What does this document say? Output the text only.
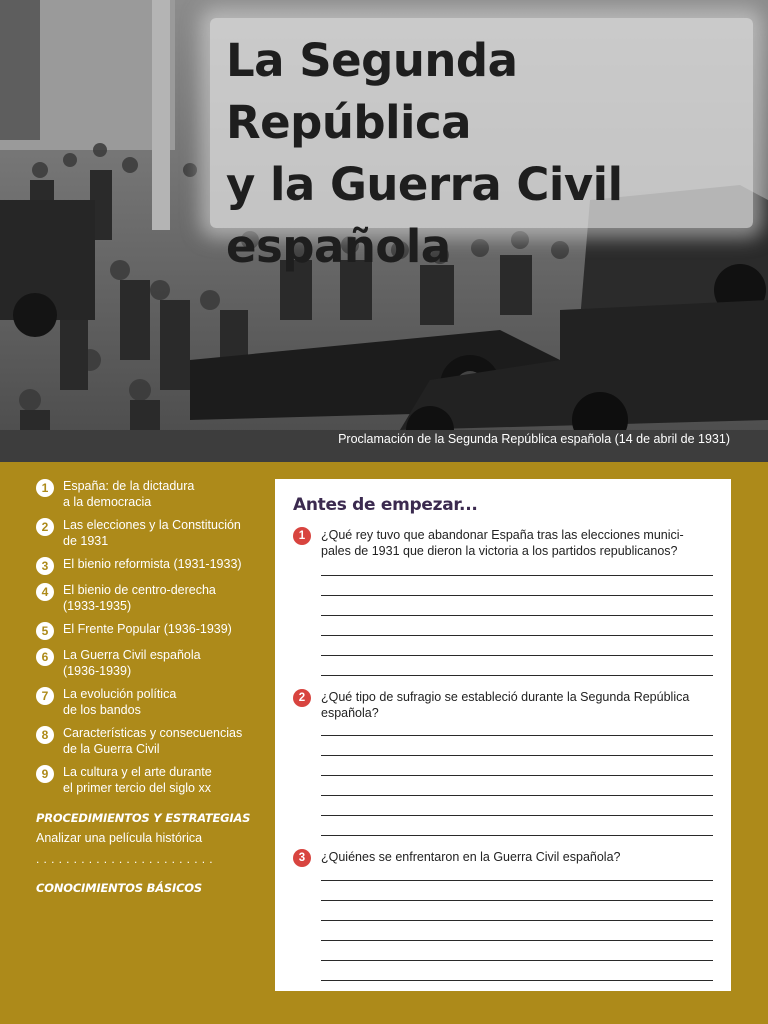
La Segunda República
y la Guerra Civil
española
Proclamación de la Segunda República española (14 de abril de 1931)
1	España: de la dictadura
a la democracia
2	Las elecciones y la Constitución
de 1931
3	El bienio reformista (1931-1933)
4	El bienio de centro-derecha
(1933-1935)
5	El Frente Popular (1936-1939)
6	La Guerra Civil española
(1936-1939)
7	La evolución política
de los bandos
8	Características y consecuencias
de la Guerra Civil
9	La cultura y el arte durante
el primer tercio del siglo xx
PROCEDIMIENTOS Y ESTRATEGIAS
Analizar una película histórica
........................
CONOCIMIENTOS BÁSICOS
Antes de empezar...
1	¿Qué rey tuvo que abandonar España tras las elecciones munici-
pales de 1931 que dieron la victoria a los partidos republicanos?
2	¿Qué tipo de sufragio se estableció durante la Segunda República
española?
3	¿Quiénes se enfrentaron en la Guerra Civil española?
